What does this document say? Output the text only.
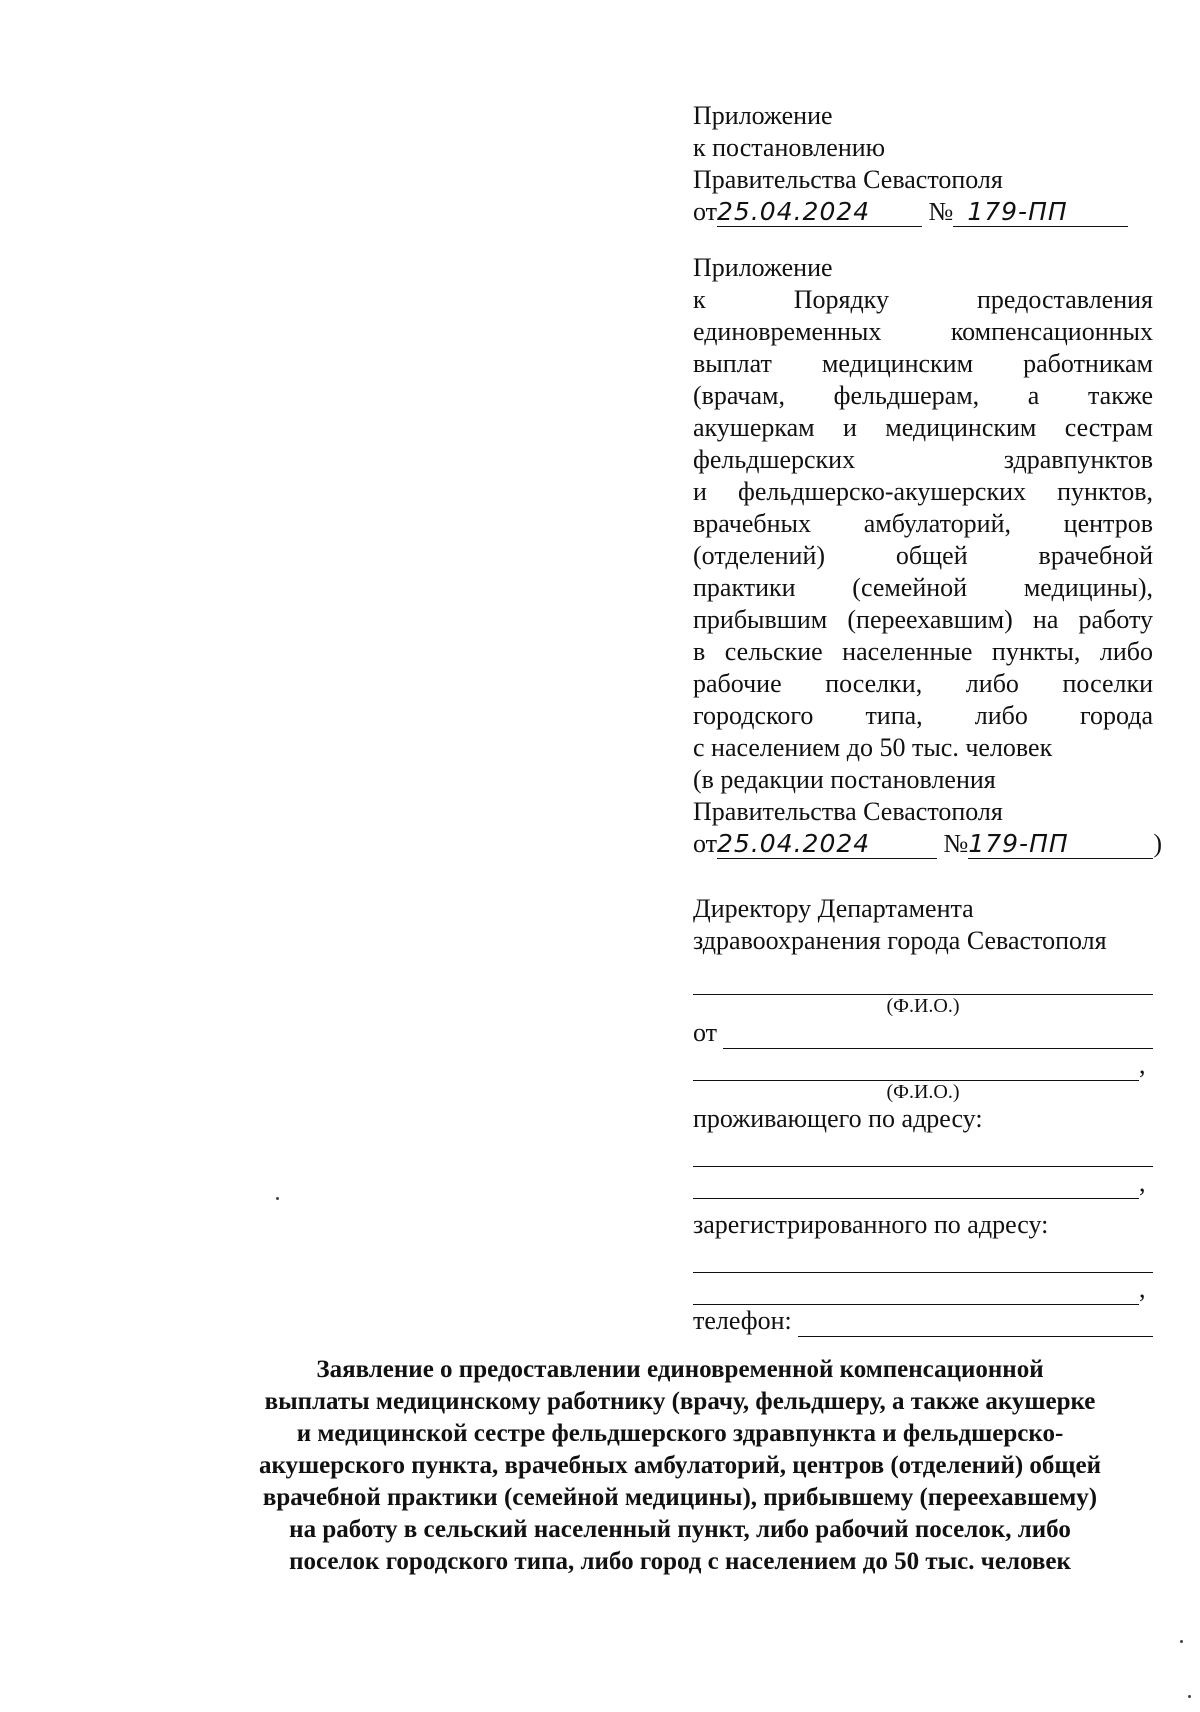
Приложение
к постановлению
Правительства Севастополя
от25.04.2024 № 179-ПП
Приложение
к Порядку предоставления
единовременных компенсационных
выплат медицинским работникам
(врачам, фельдшерам, а также
акушеркам и медицинским сестрам
фельдшерских здравпунктов
и фельдшерско-акушерских пунктов,
врачебных амбулаторий, центров
(отделений) общей врачебной
практики (семейной медицины),
прибывшим (переехавшим) на работу
в сельские населенные пункты, либо
рабочие поселки, либо поселки
городского типа, либо города
с населением до 50 тыс. человек
(в редакции постановления
Правительства Севастополя
от25.04.2024	№179-ПП	)
Директору Департамента
здравоохранения города Севастополя
(Ф.И.О.)
от
,
(Ф.И.О.)
проживающего по адресу:
,
зарегистрированного по адресу:
,
телефон:
Заявление о предоставлении единовременной компенсационной
выплаты медицинскому работнику (врачу, фельдшеру, а также акушерке
и медицинской сестре фельдшерского здравпункта и фельдшерско-
акушерского пункта, врачебных амбулаторий, центров (отделений) общей
врачебной практики (семейной медицины), прибывшему (переехавшему)
на работу в сельский населенный пункт, либо рабочий поселок, либо
поселок городского типа, либо город с населением до 50 тыс. человек
